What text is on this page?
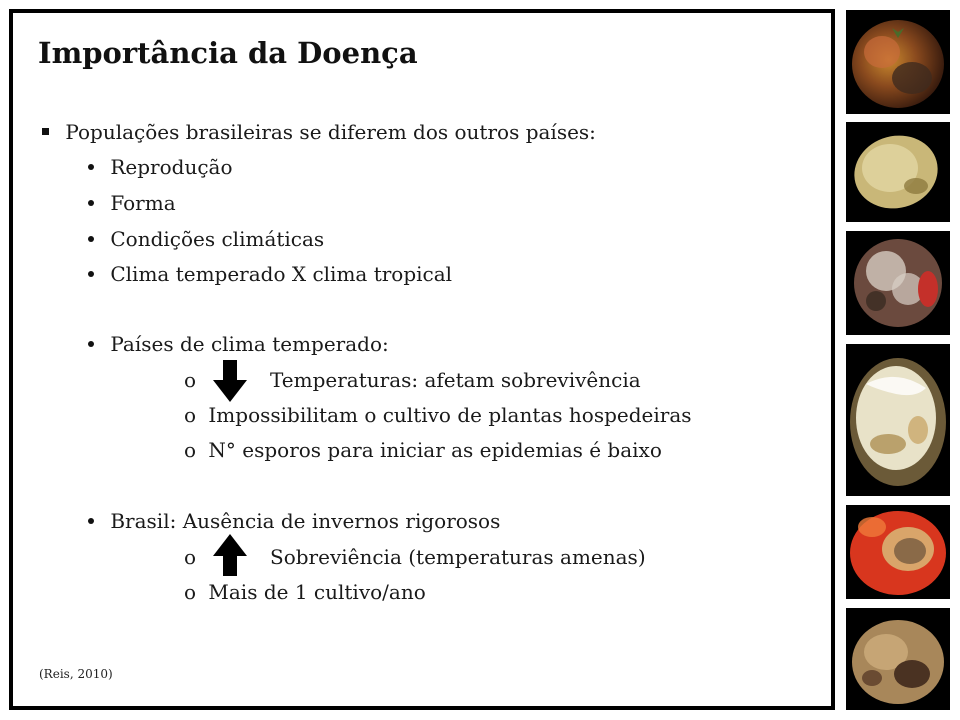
Importância da Doença
Populações brasileiras se diferem dos outros países:
Reprodução
Forma
Condições climáticas
Clima temperado X clima tropical
Países de clima temperado:
o	Temperaturas: afetam sobrevivência
o Impossibilitam o cultivo de plantas hospedeiras
o N° esporos para iniciar as epidemias é baixo
Brasil: Ausência de invernos rigorosos
o	Sobreviência (temperaturas amenas)
o Mais de 1 cultivo/ano
(Reis, 2010)
